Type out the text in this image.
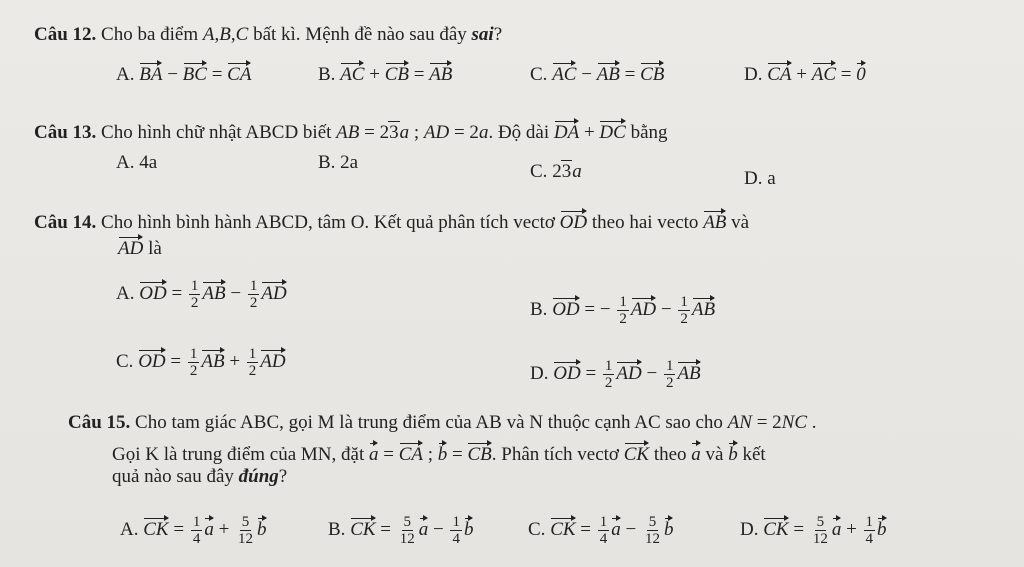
Câu 12. Cho ba điểm A,B,C bất kì. Mệnh đề nào sau đây sai?
A. BA − BC = CA	B. AC + CB = AB	C. AC − AB = CB	D. CA + AC = 0
Câu 13. Cho hình chữ nhật ABCD biết AB = 23a ; AD = 2a. Độ dài DA + DC bằng
A. 4a	B. 2a	C. 23a	D. a
Câu 14. Cho hình bình hành ABCD, tâm O. Kết quả phân tích vectơ OD theo hai vecto AB và
AD là
A. OD = $\frac{1}{2}$ AB − $\frac{1}{2}$ AD
B. OD = − $\frac{1}{2}$ AD − $\frac{1}{2}$ AB
C. OD = $\frac{1}{2}$ AB + $\frac{1}{2}$ AD
D. OD = $\frac{1}{2}$ AD − $\frac{1}{2}$ AB
Câu 15. Cho tam giác ABC, gọi M là trung điểm của AB và N thuộc cạnh AC sao cho AN = 2NC .
Gọi K là trung điểm của MN, đặt a = CA ; b = CB. Phân tích vectơ CK theo a và b kết
quả nào sau đây đúng?
A. CK = $\frac{1}{4}$ $a + \frac{5}{12}$ b	B. CK = $\frac{5}{12}$ $a - \frac{1}{4}$ b	C. CK = $\frac{1}{4}$ $a - \frac{5}{12}$ b	D. CK = $\frac{5}{12}$ $a + \frac{1}{4}$ b
